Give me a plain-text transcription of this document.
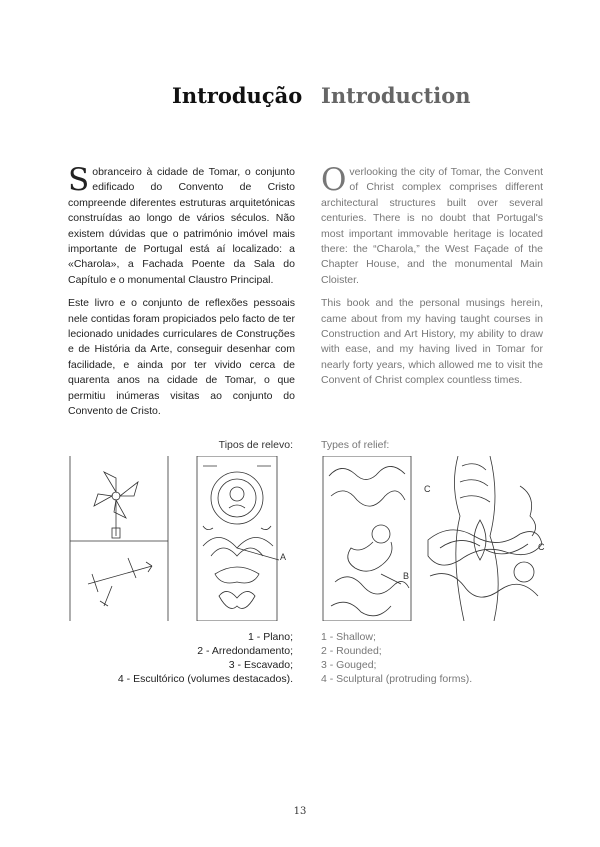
Introdução Introduction

Sobranceiro à cidade de Tomar, o conjunto edificado do Convento de Cristo compreende diferentes estruturas arquitetónicas construídas ao longo de vários séculos. Não existem dúvidas que o património imóvel mais importante de Portugal está aí localizado: a «Charola», a Fachada Poente da Sala do Capítulo e o monumental Claustro Principal.

Este livro e o conjunto de reflexões pessoais nele contidas foram propiciados pelo facto de ter lecionado unidades curriculares de Construções e de História da Arte, conseguir desenhar com facilidade, e ainda por ter vivido cerca de quarenta anos na cidade de Tomar, o que permitiu inúmeras visitas ao conjunto do Convento de Cristo.

Overlooking the city of Tomar, the Convent of Christ complex comprises different architectural structures built over several centuries. There is no doubt that Portugal's most important immovable heritage is located there: the “Charola,” the West Façade of the Chapter House, and the monumental Main Cloister.

This book and the personal musings herein, came about from my having taught courses in Construction and Art History, my ability to draw with ease, and my having lived in Tomar for nearly forty years, which allowed me to visit the Convent of Christ complex countless times.

Tipos de relevo:	Types of relief:
A
B
C
C
1 - Plano;
2 - Arredondamento;
3 - Escavado;
4 - Escultórico (volumes destacados).
1 - Shallow;
2 - Rounded;
3 - Gouged;
4 - Sculptural (protruding forms).
13
